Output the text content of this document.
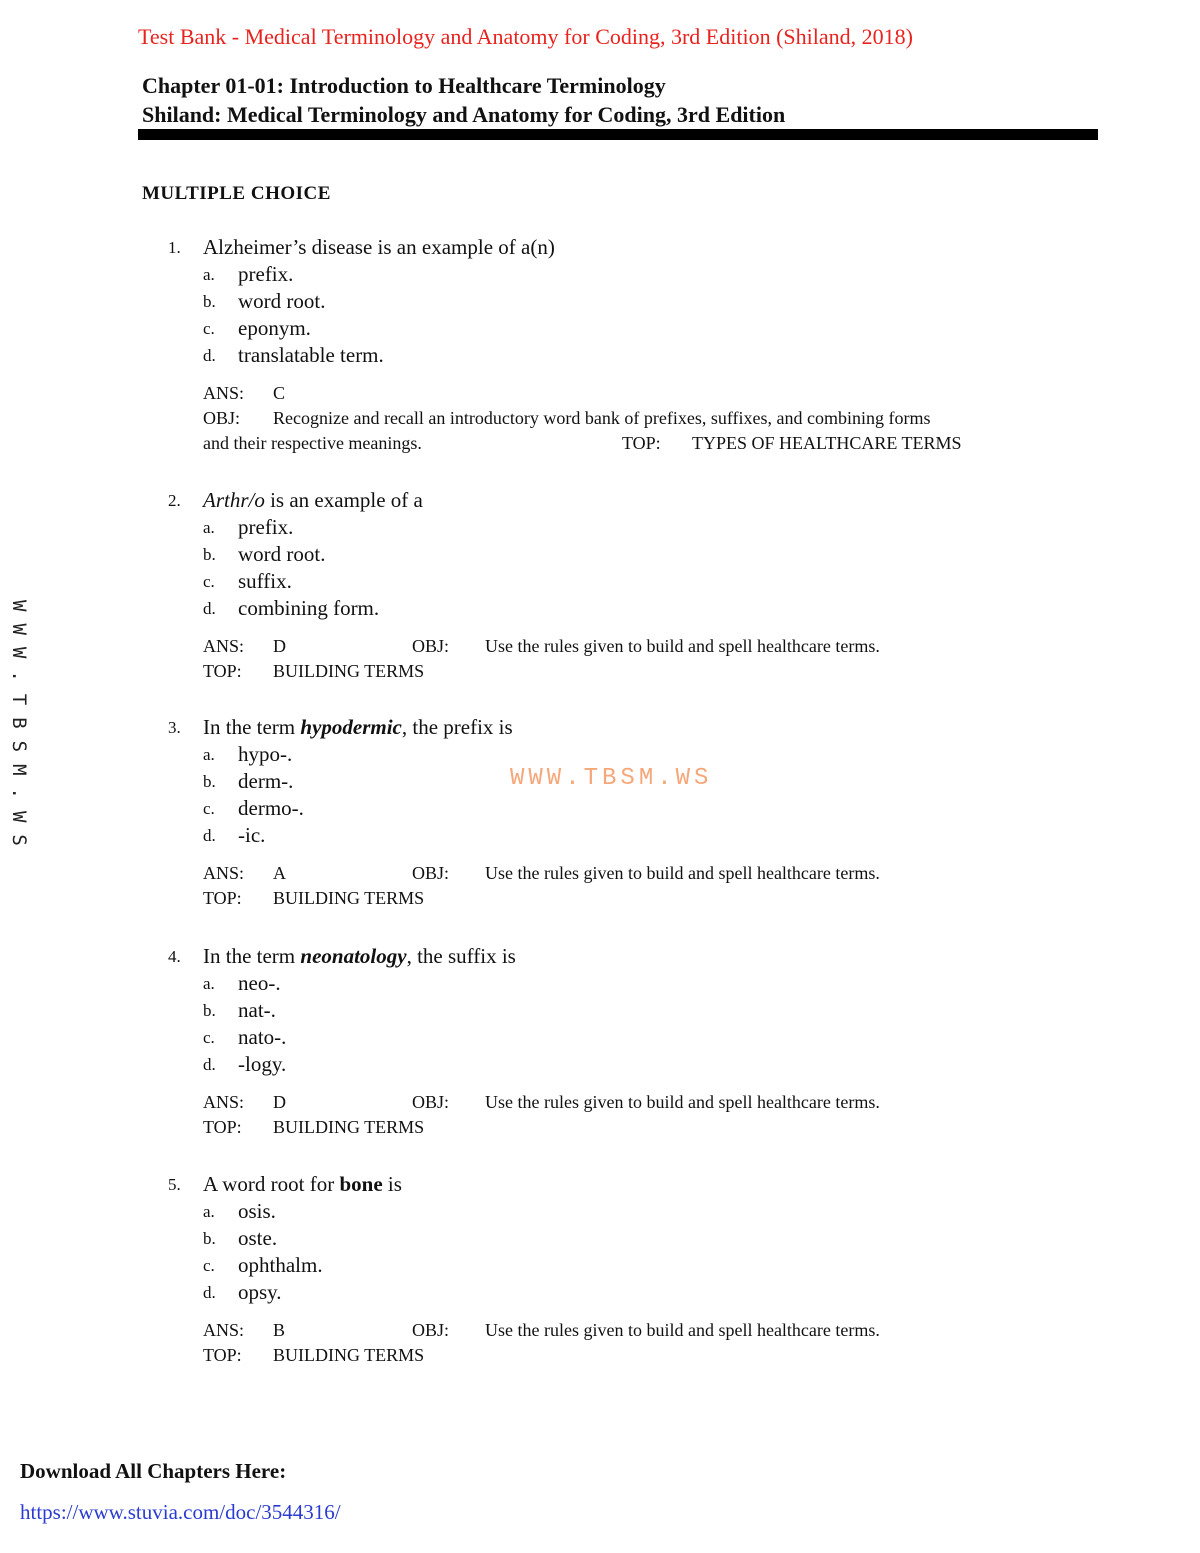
Test Bank - Medical Terminology and Anatomy for Coding, 3rd Edition (Shiland, 2018)
Chapter 01-01: Introduction to Healthcare Terminology
Shiland: Medical Terminology and Anatomy for Coding, 3rd Edition
MULTIPLE CHOICE
1. Alzheimer’s disease is an example of a(n)
a. prefix.
b. word root.
c. eponym.
d. translatable term.
ANS: C
OBJ: Recognize and recall an introductory word bank of prefixes, suffixes, and combining forms
and their respective meanings.	TOP: TYPES OF HEALTHCARE TERMS
2. Arthr/o is an example of a
a. prefix.
b. word root.
c. suffix.
d. combining form.
ANS: D	OBJ: Use the rules given to build and spell healthcare terms.
TOP: BUILDING TERMS
3. In the term hypodermic, the prefix is
a. hypo-.
b. derm-.
c. dermo-.
d. -ic.
ANS: A	OBJ: Use the rules given to build and spell healthcare terms.
TOP: BUILDING TERMS
4. In the term neonatology, the suffix is
a. neo-.
b. nat-.
c. nato-.
d. -logy.
ANS: D	OBJ: Use the rules given to build and spell healthcare terms.
TOP: BUILDING TERMS
5. A word root for bone is
a. osis.
b. oste.
c. ophthalm.
d. opsy.
ANS: B	OBJ: Use the rules given to build and spell healthcare terms.
TOP: BUILDING TERMS
WWW.TBSM.WS
WWW.TBSM.WS
Download All Chapters Here:
https://www.stuvia.com/doc/3544316/
